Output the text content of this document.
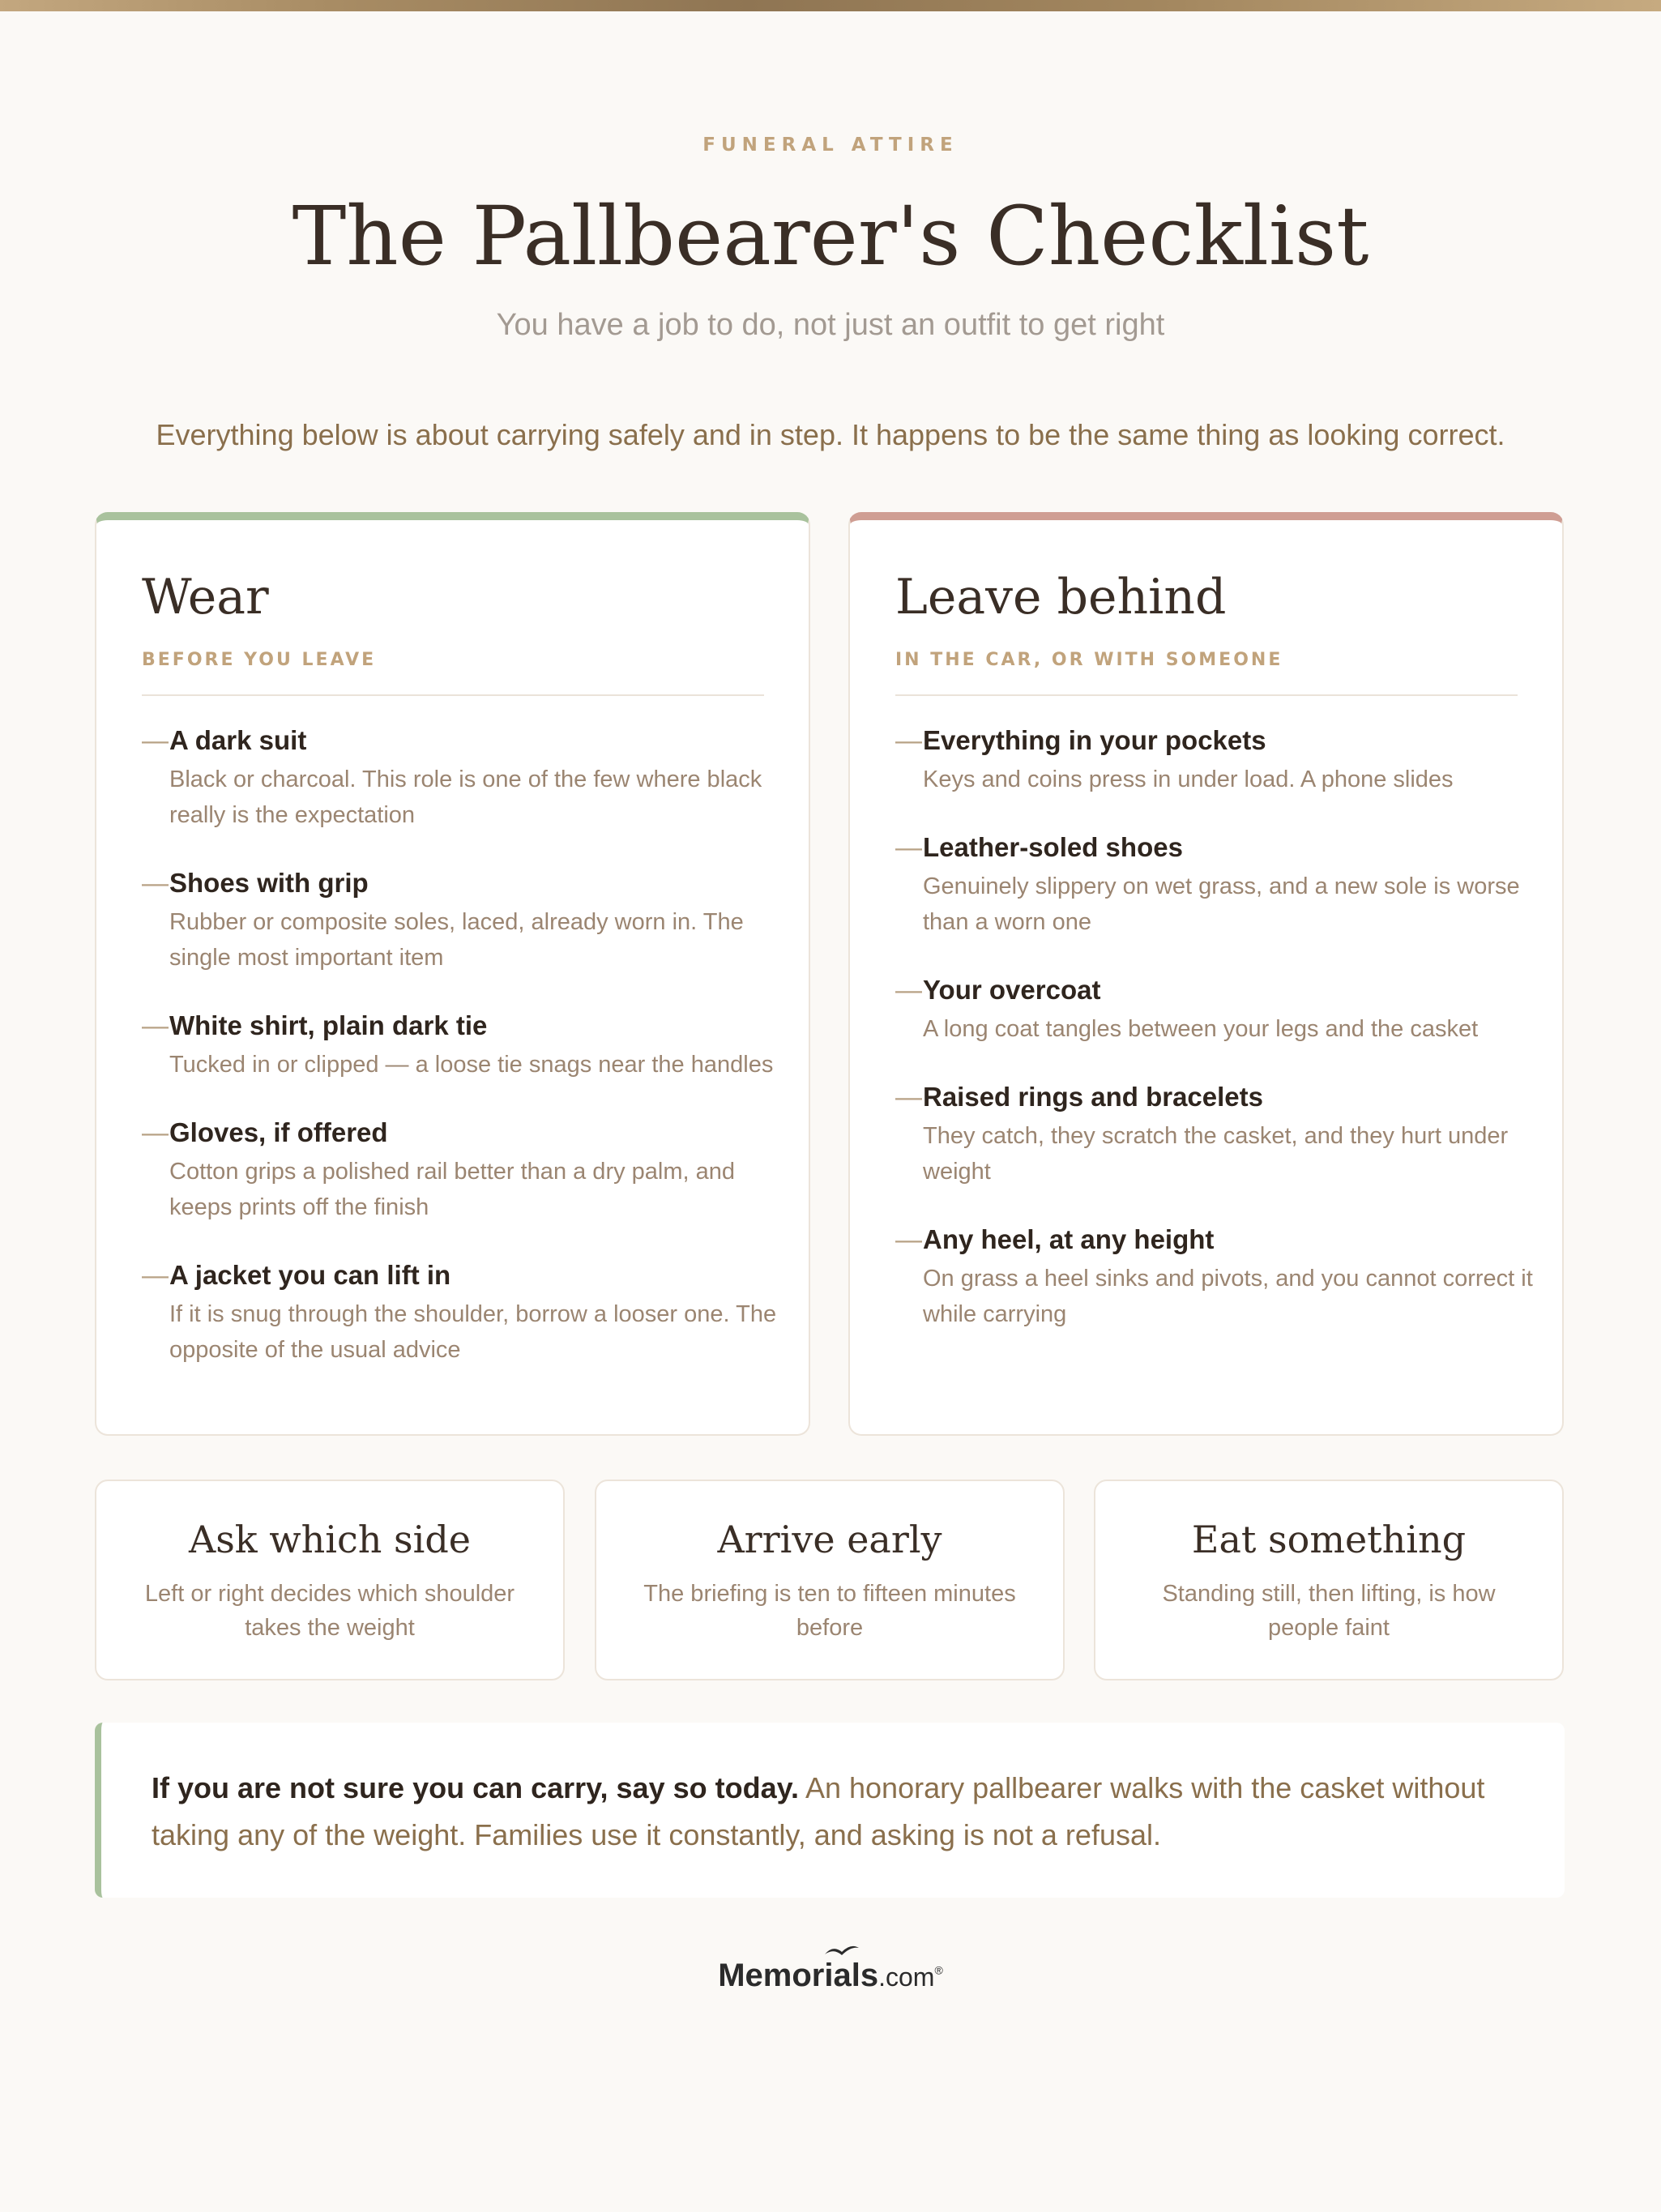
FUNERAL ATTIRE
The Pallbearer's Checklist
You have a job to do, not just an outfit to get right
Everything below is about carrying safely and in step. It happens to be the same thing as looking correct.
Wear
BEFORE YOU LEAVE
— A dark suit
Black or charcoal. This role is one of the few where black really is the expectation
— Shoes with grip
Rubber or composite soles, laced, already worn in. The single most important item
— White shirt, plain dark tie
Tucked in or clipped — a loose tie snags near the handles
— Gloves, if offered
Cotton grips a polished rail better than a dry palm, and keeps prints off the finish
— A jacket you can lift in
If it is snug through the shoulder, borrow a looser one. The opposite of the usual advice
Leave behind
IN THE CAR, OR WITH SOMEONE
— Everything in your pockets
Keys and coins press in under load. A phone slides
— Leather-soled shoes
Genuinely slippery on wet grass, and a new sole is worse than a worn one
— Your overcoat
A long coat tangles between your legs and the casket
— Raised rings and bracelets
They catch, they scratch the casket, and they hurt under weight
— Any heel, at any height
On grass a heel sinks and pivots, and you cannot correct it while carrying
Ask which side
Left or right decides which shoulder takes the weight
Arrive early
The briefing is ten to fifteen minutes before
Eat something
Standing still, then lifting, is how people faint
If you are not sure you can carry, say so today. An honorary pallbearer walks with the casket without taking any of the weight. Families use it constantly, and asking is not a refusal.
Memorials.com®
